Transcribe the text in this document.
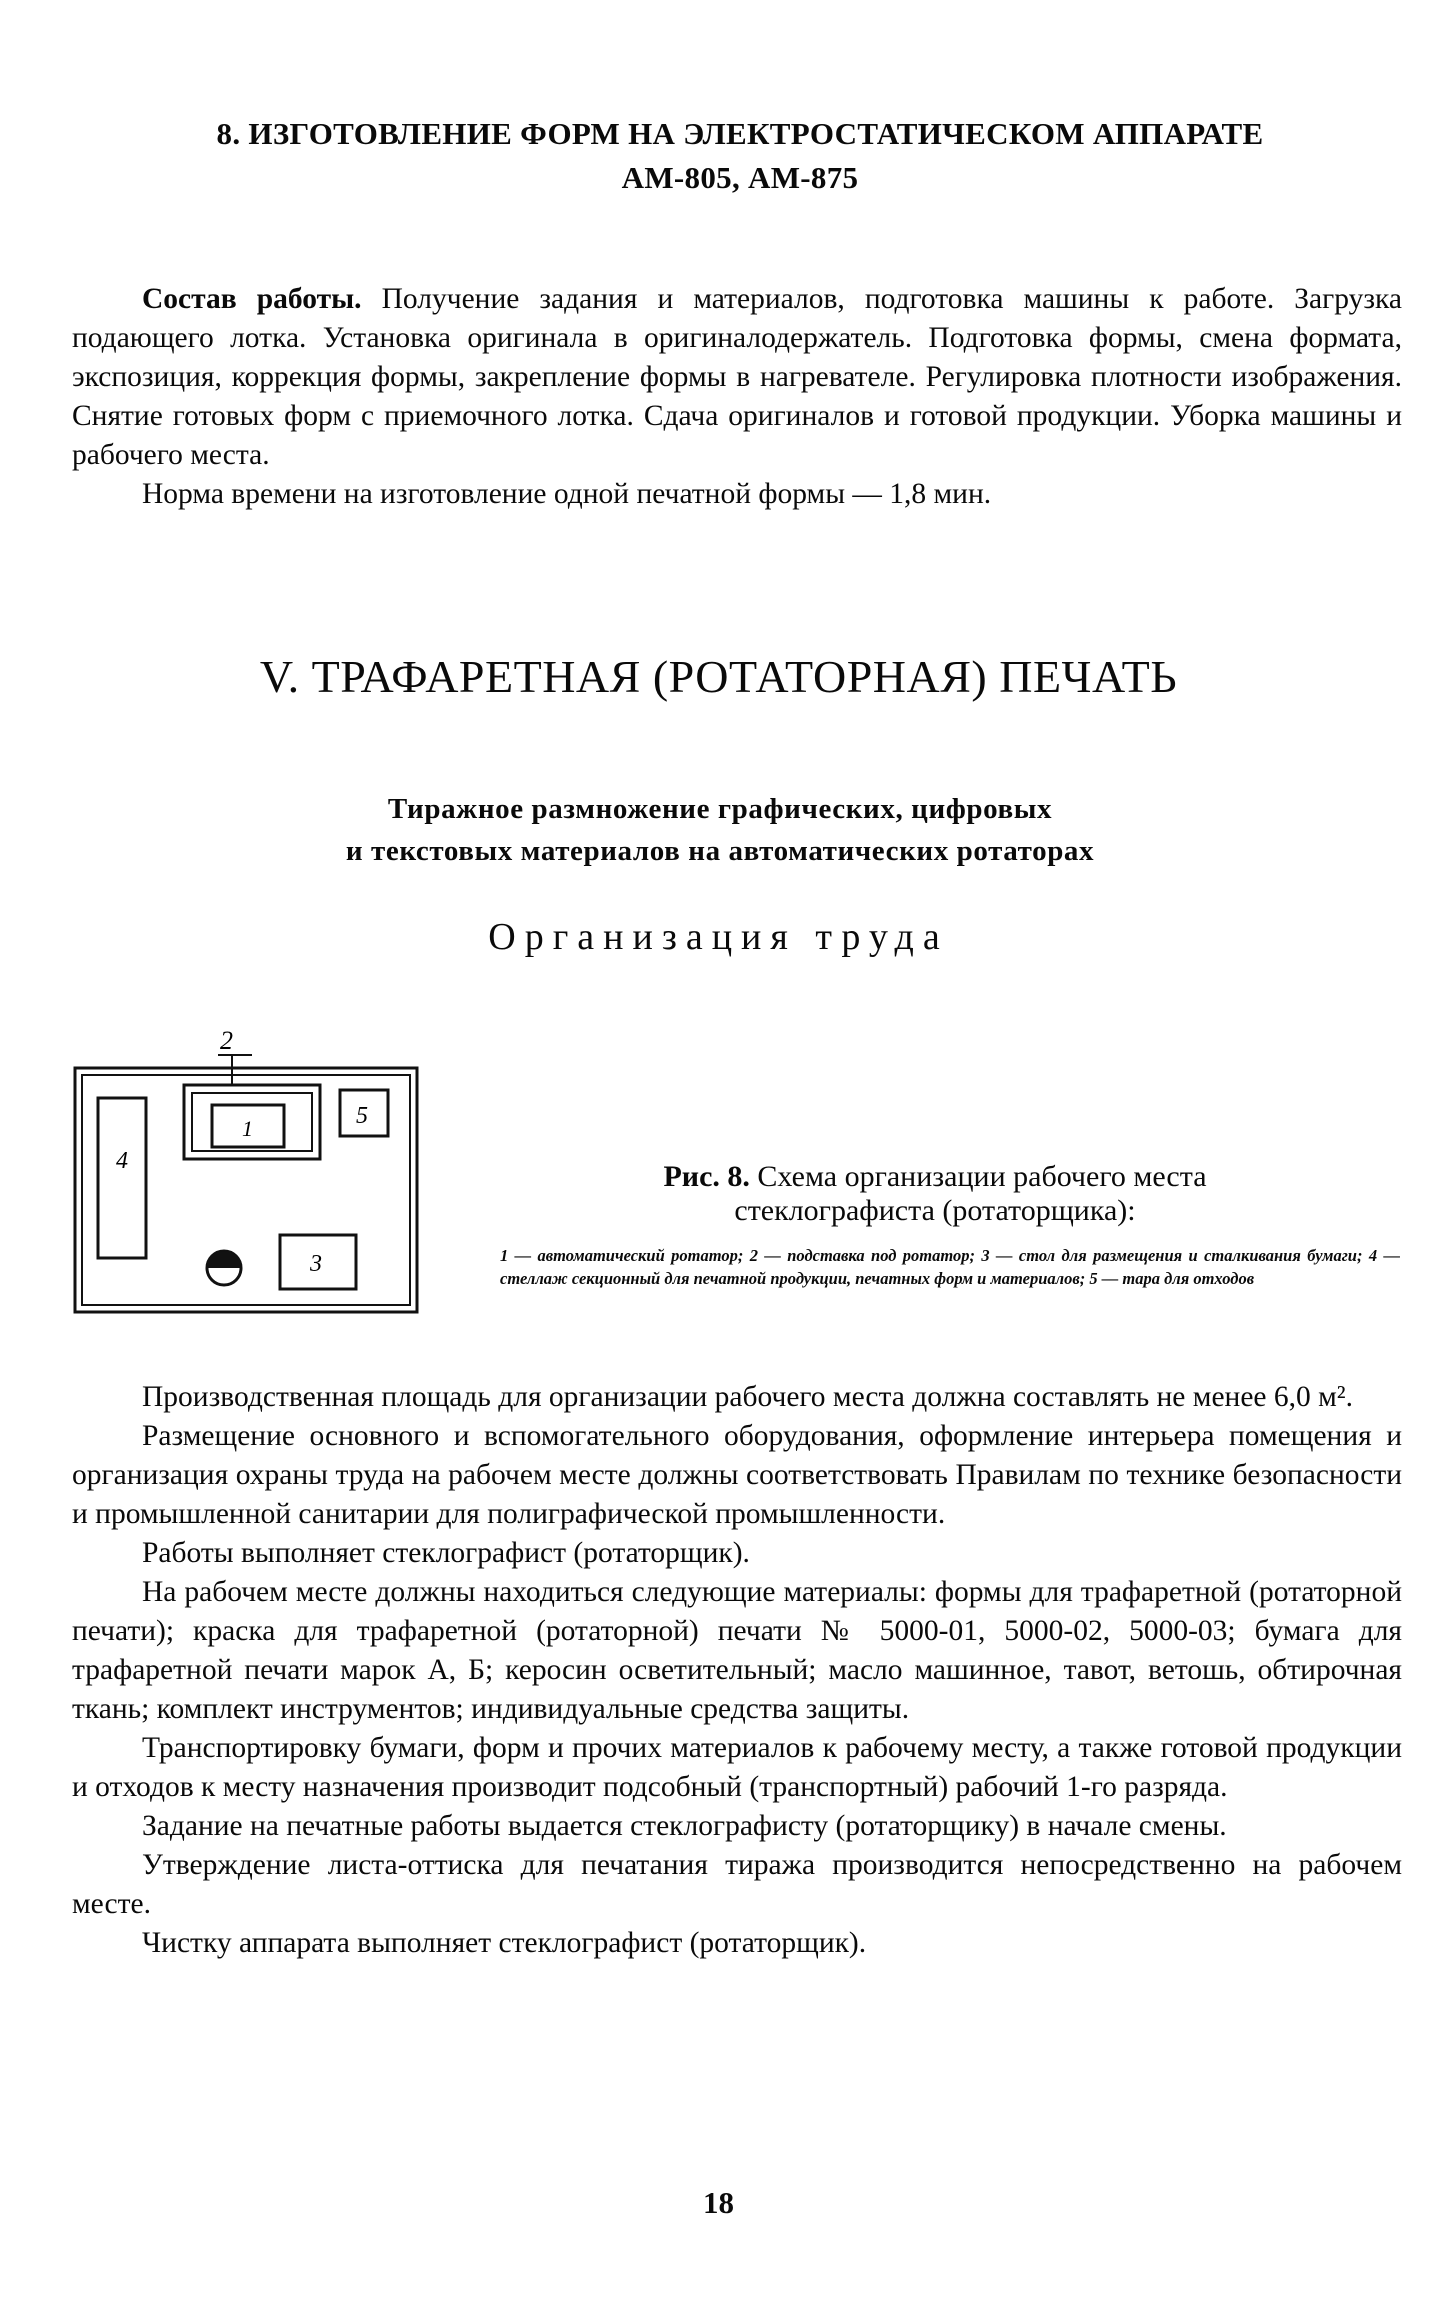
8. ИЗГОТОВЛЕНИЕ ФОРМ НА ЭЛЕКТРОСТАТИЧЕСКОМ АППАРАТЕ
АМ-805, АМ-875

Состав работы. Получение задания и материалов, подготовка машины к работе. Загрузка подающего лотка. Установка оригинала в оригиналодержатель. Подготовка формы, смена формата, экспозиция, коррекция формы, закрепление формы в нагревателе. Регулировка плотности изображения. Снятие готовых форм с приемочного лотка. Сдача оригиналов и готовой продукции. Уборка машины и рабочего места.

Норма времени на изготовление одной печатной формы — 1,8 мин.

V. ТРАФАРЕТНАЯ (РОТАТОРНАЯ) ПЕЧАТЬ
Тиражное размножение графических, цифровых
и текстовых материалов на автоматических ротаторах
Организация труда
4
2
1	5
3
Рис. 8. Схема организации рабочего места
стеклографиста (ротаторщика):
1 — автоматический ротатор; 2 — подставка под ротатор; 3 — стол для размещения и сталкивания бумаги; 4 — стеллаж секционный для печатной продукции, печатных форм и материалов; 5 — тара для отходов

Производственная площадь для организации рабочего места должна составлять не менее 6,0 м².

Размещение основного и вспомогательного оборудования, оформление интерьера помещения и организация охраны труда на рабочем месте должны соответствовать Правилам по технике безопасности и промышленной санитарии для полиграфической промышленности.

Работы выполняет стеклографист (ротаторщик).

На рабочем месте должны находиться следующие материалы: формы для трафаретной (ротаторной печати); краска для трафаретной (ротаторной) печати № 5000-01, 5000-02, 5000-03; бумага для трафаретной печати марок А, Б; керосин осветительный; масло машинное, тавот, ветошь, обтирочная ткань; комплект инструментов; индивидуальные средства защиты.

Транспортировку бумаги, форм и прочих материалов к рабочему месту, а также готовой продукции и отходов к месту назначения производит подсобный (транспортный) рабочий 1-го разряда.

Задание на печатные работы выдается стеклографисту (ротаторщику) в начале смены.

Утверждение листа-оттиска для печатания тиража производится непосредственно на рабочем месте.

Чистку аппарата выполняет стеклографист (ротаторщик).

18
